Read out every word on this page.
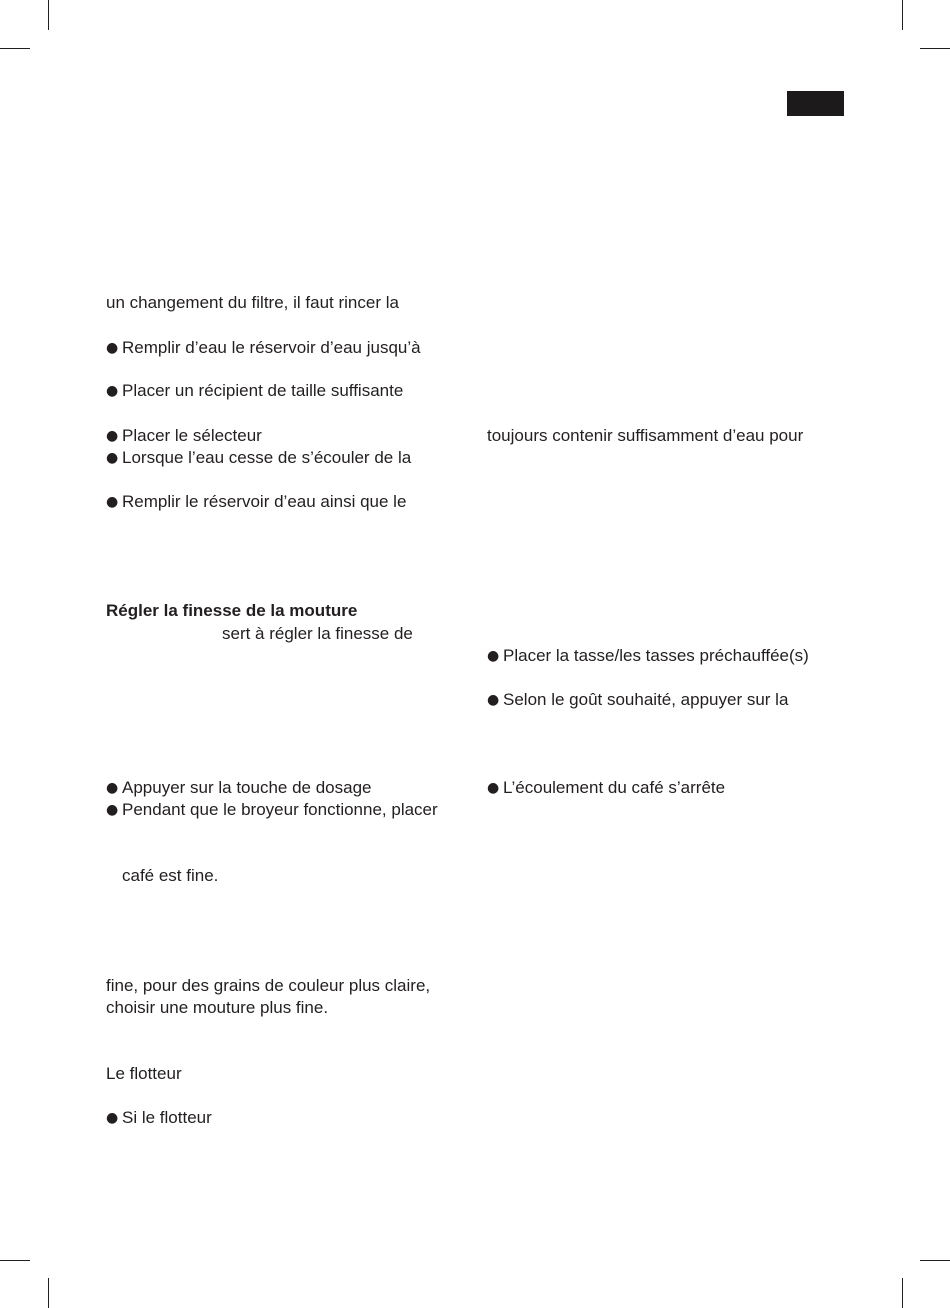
un changement du filtre, il faut rincer la
● Remplir d’eau le réservoir d’eau jusqu’à
● Placer un récipient de taille suffisante
● Placer le sélecteur
● Lorsque l’eau cesse de s’écouler de la
● Remplir le réservoir d’eau ainsi que le
Régler la finesse de la mouture
sert à régler la finesse de
● Appuyer sur la touche de dosage
● Pendant que le broyeur fonctionne, placer
café est fine.
fine, pour des grains de couleur plus claire,
choisir une mouture plus fine.
Le flotteur
● Si le flotteur
toujours contenir suffisamment d’eau pour
● Placer la tasse/les tasses préchauffée(s)
● Selon le goût souhaité, appuyer sur la
● L’écoulement du café s’arrête
